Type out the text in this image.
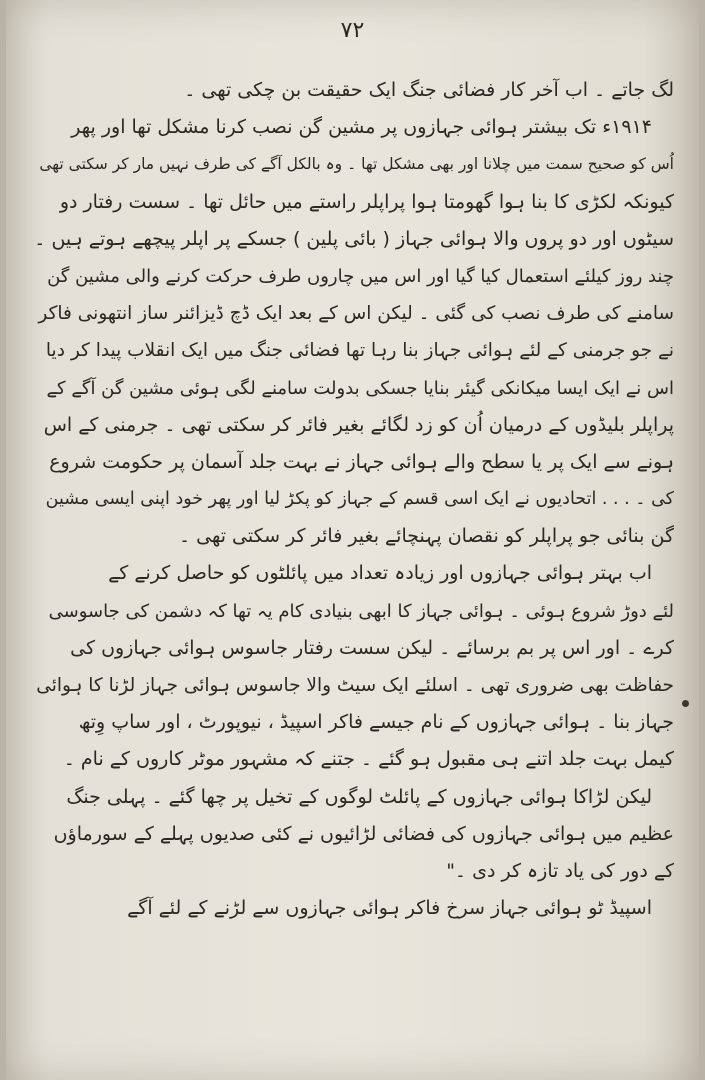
۷۲
لگ جاتے ۔ اب آخر کار فضائی جنگ ایک حقیقت بن چکی تھی ۔
۱۹۱۴ء تک بیشتر ہوائی جہازوں پر مشین گن نصب کرنا مشکل تھا اور پھر
اُس کو صحیح سمت میں چلانا اور بھی مشکل تھا ۔ وہ بالکل آگے کی طرف نہیں مار کر سکتی تھی
کیونکہ لکڑی کا بنا ہوا گھومتا ہوا پراپلر راستے میں حائل تھا ۔ سست رفتار دو
سیٹوں اور دو پروں والا ہوائی جہاز ( بائی پلین ) جسکے پر اپلر پیچھے ہوتے ہیں ۔
چند روز کیلئے استعمال کیا گیا اور اس میں چاروں طرف حرکت کرنے والی مشین گن
سامنے کی طرف نصب کی گئی ۔ لیکن اس کے بعد ایک ڈچ ڈیزائنر ساز انتھونی فاکر
نے جو جرمنی کے لئے ہوائی جہاز بنا رہا تھا فضائی جنگ میں ایک انقلاب پیدا کر دیا
اس نے ایک ایسا میکانکی گیئر بنایا جسکی بدولت سامنے لگی ہوئی مشین گن آگے کے
پراپلر بلیڈوں کے درمیان اُن کو زد لگائے بغیر فائر کر سکتی تھی ۔ جرمنی کے اس
ہونے سے ایک پر یا سطح والے ہوائی جہاز نے بہت جلد آسمان پر حکومت شروع
کی ۔ . . . اتحادیوں نے ایک اسی قسم کے جہاز کو پکڑ لیا اور پھر خود اپنی ایسی مشین
گن بنائی جو پراپلر کو نقصان پہنچائے بغیر فائر کر سکتی تھی ۔
اب بہتر ہوائی جہازوں اور زیادہ تعداد میں پائلٹوں کو حاصل کرنے کے
لئے دوڑ شروع ہوئی ۔ ہوائی جہاز کا ابھی بنیادی کام یہ تھا کہ دشمن کی جاسوسی
کرے ۔ اور اس پر بم برسائے ۔ لیکن سست رفتار جاسوس ہوائی جہازوں کی
حفاظت بھی ضروری تھی ۔ اسلئے ایک سیٹ والا جاسوس ہوائی جہاز لڑنا کا ہوائی
جہاز بنا ۔ ہوائی جہازوں کے نام جیسے فاکر اسپیڈ ، نیوپورٹ ، اور ساپ وِتھ
کیمل بہت جلد اتنے ہی مقبول ہو گئے ۔ جتنے کہ مشہور موٹر کاروں کے نام ۔
لیکن لڑاکا ہوائی جہازوں کے پائلٹ لوگوں کے تخیل پر چھا گئے ۔ پہلی جنگ
عظیم میں ہوائی جہازوں کی فضائی لڑائیوں نے کئی صدیوں پہلے کے سورماؤں
کے دور کی یاد تازہ کر دی ۔"
اسپیڈ ٹو ہوائی جہاز سرخ فاکر ہوائی جہازوں سے لڑنے کے لئے آگے
